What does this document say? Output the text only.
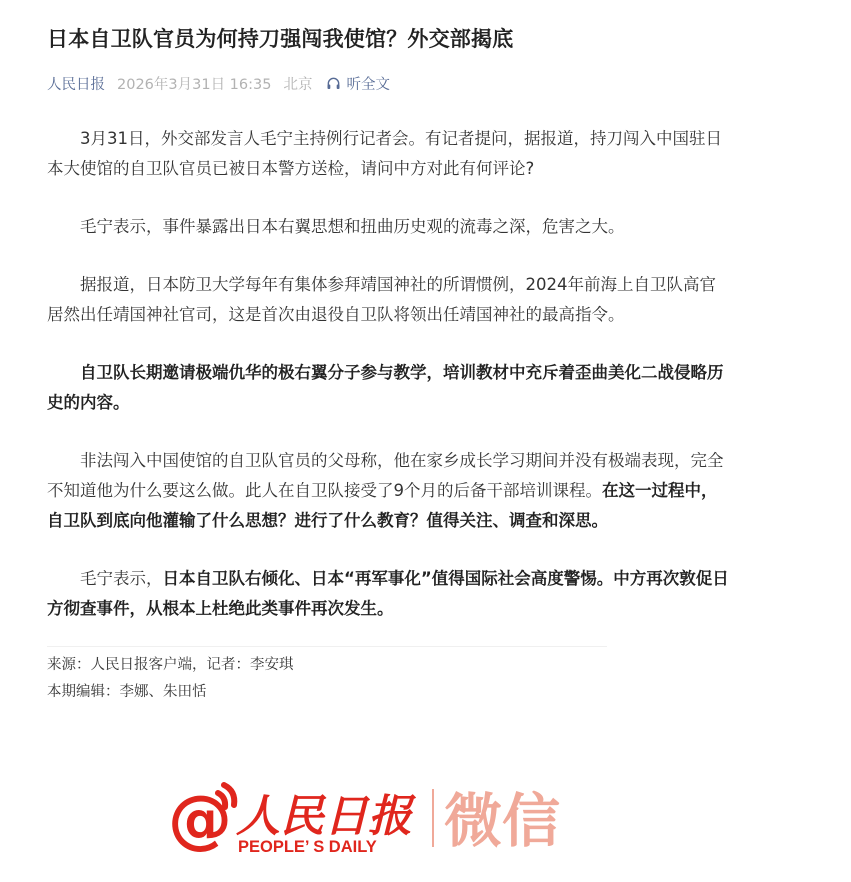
日本自卫队官员为何持刀强闯我使馆？外交部揭底
人民日报 2026年3月31日 16:35 北京 听全文

3月31日，外交部发言人毛宁主持例行记者会。有记者提问，据报道，持刀闯入中国驻日本大使馆的自卫队官员已被日本警方送检，请问中方对此有何评论?

毛宁表示，事件暴露出日本右翼思想和扭曲历史观的流毒之深，危害之大。

据报道，日本防卫大学每年有集体参拜靖国神社的所谓惯例，2024年前海上自卫队高官居然出任靖国神社官司，这是首次由退役自卫队将领出任靖国神社的最高指令。

自卫队长期邀请极端仇华的极右翼分子参与教学，培训教材中充斥着歪曲美化二战侵略历史的内容。

非法闯入中国使馆的自卫队官员的父母称，他在家乡成长学习期间并没有极端表现，完全不知道他为什么要这么做。此人在自卫队接受了9个月的后备干部培训课程。在这一过程中，自卫队到底向他灌输了什么思想？进行了什么教育？值得关注、调查和深思。

毛宁表示，日本自卫队右倾化、日本“再军事化”值得国际社会高度警惕。中方再次敦促日方彻查事件，从根本上杜绝此类事件再次发生。

来源：人民日报客户端，记者：李安琪
本期编辑：李娜、朱田恬
@ 人民日报
PEOPLE’ S DAILY 微信
